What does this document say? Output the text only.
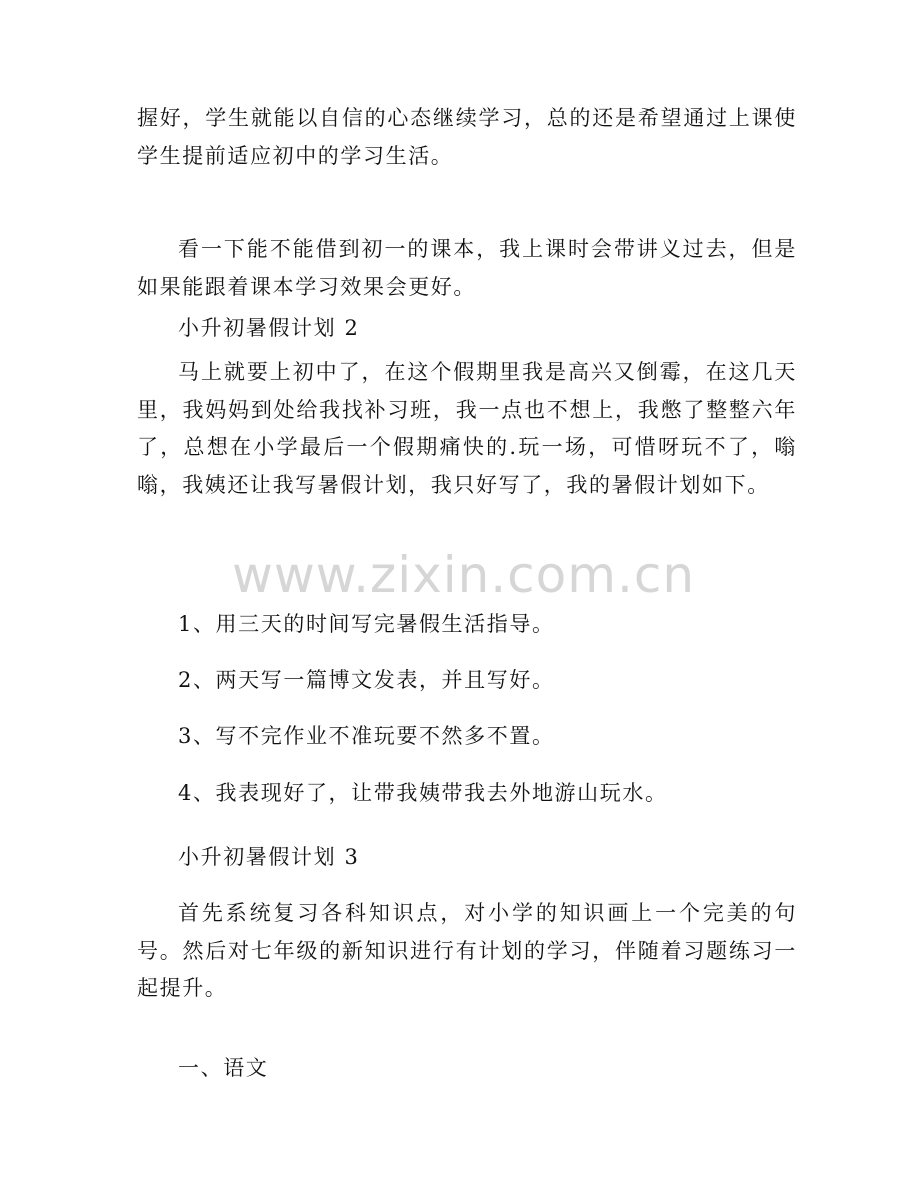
握好，学生就能以自信的心态继续学习，总的还是希望通过上课使学生提前适应初中的学习生活。

看一下能不能借到初一的课本，我上课时会带讲义过去，但是如果能跟着课本学习效果会更好。

小升初暑假计划 2

马上就要上初中了，在这个假期里我是高兴又倒霉，在这几天里，我妈妈到处给我找补习班，我一点也不想上，我憋了整整六年了，总想在小学最后一个假期痛快的.玩一场，可惜呀玩不了，嗡嗡，我姨还让我写暑假计划，我只好写了，我的暑假计划如下。

1、用三天的时间写完暑假生活指导。

2、两天写一篇博文发表，并且写好。

3、写不完作业不准玩要不然多不置。

4、我表现好了，让带我姨带我去外地游山玩水。

小升初暑假计划 3

首先系统复习各科知识点，对小学的知识画上一个完美的句号。然后对七年级的新知识进行有计划的学习，伴随着习题练习一起提升。

一、语文

www.zixin.com.cn
